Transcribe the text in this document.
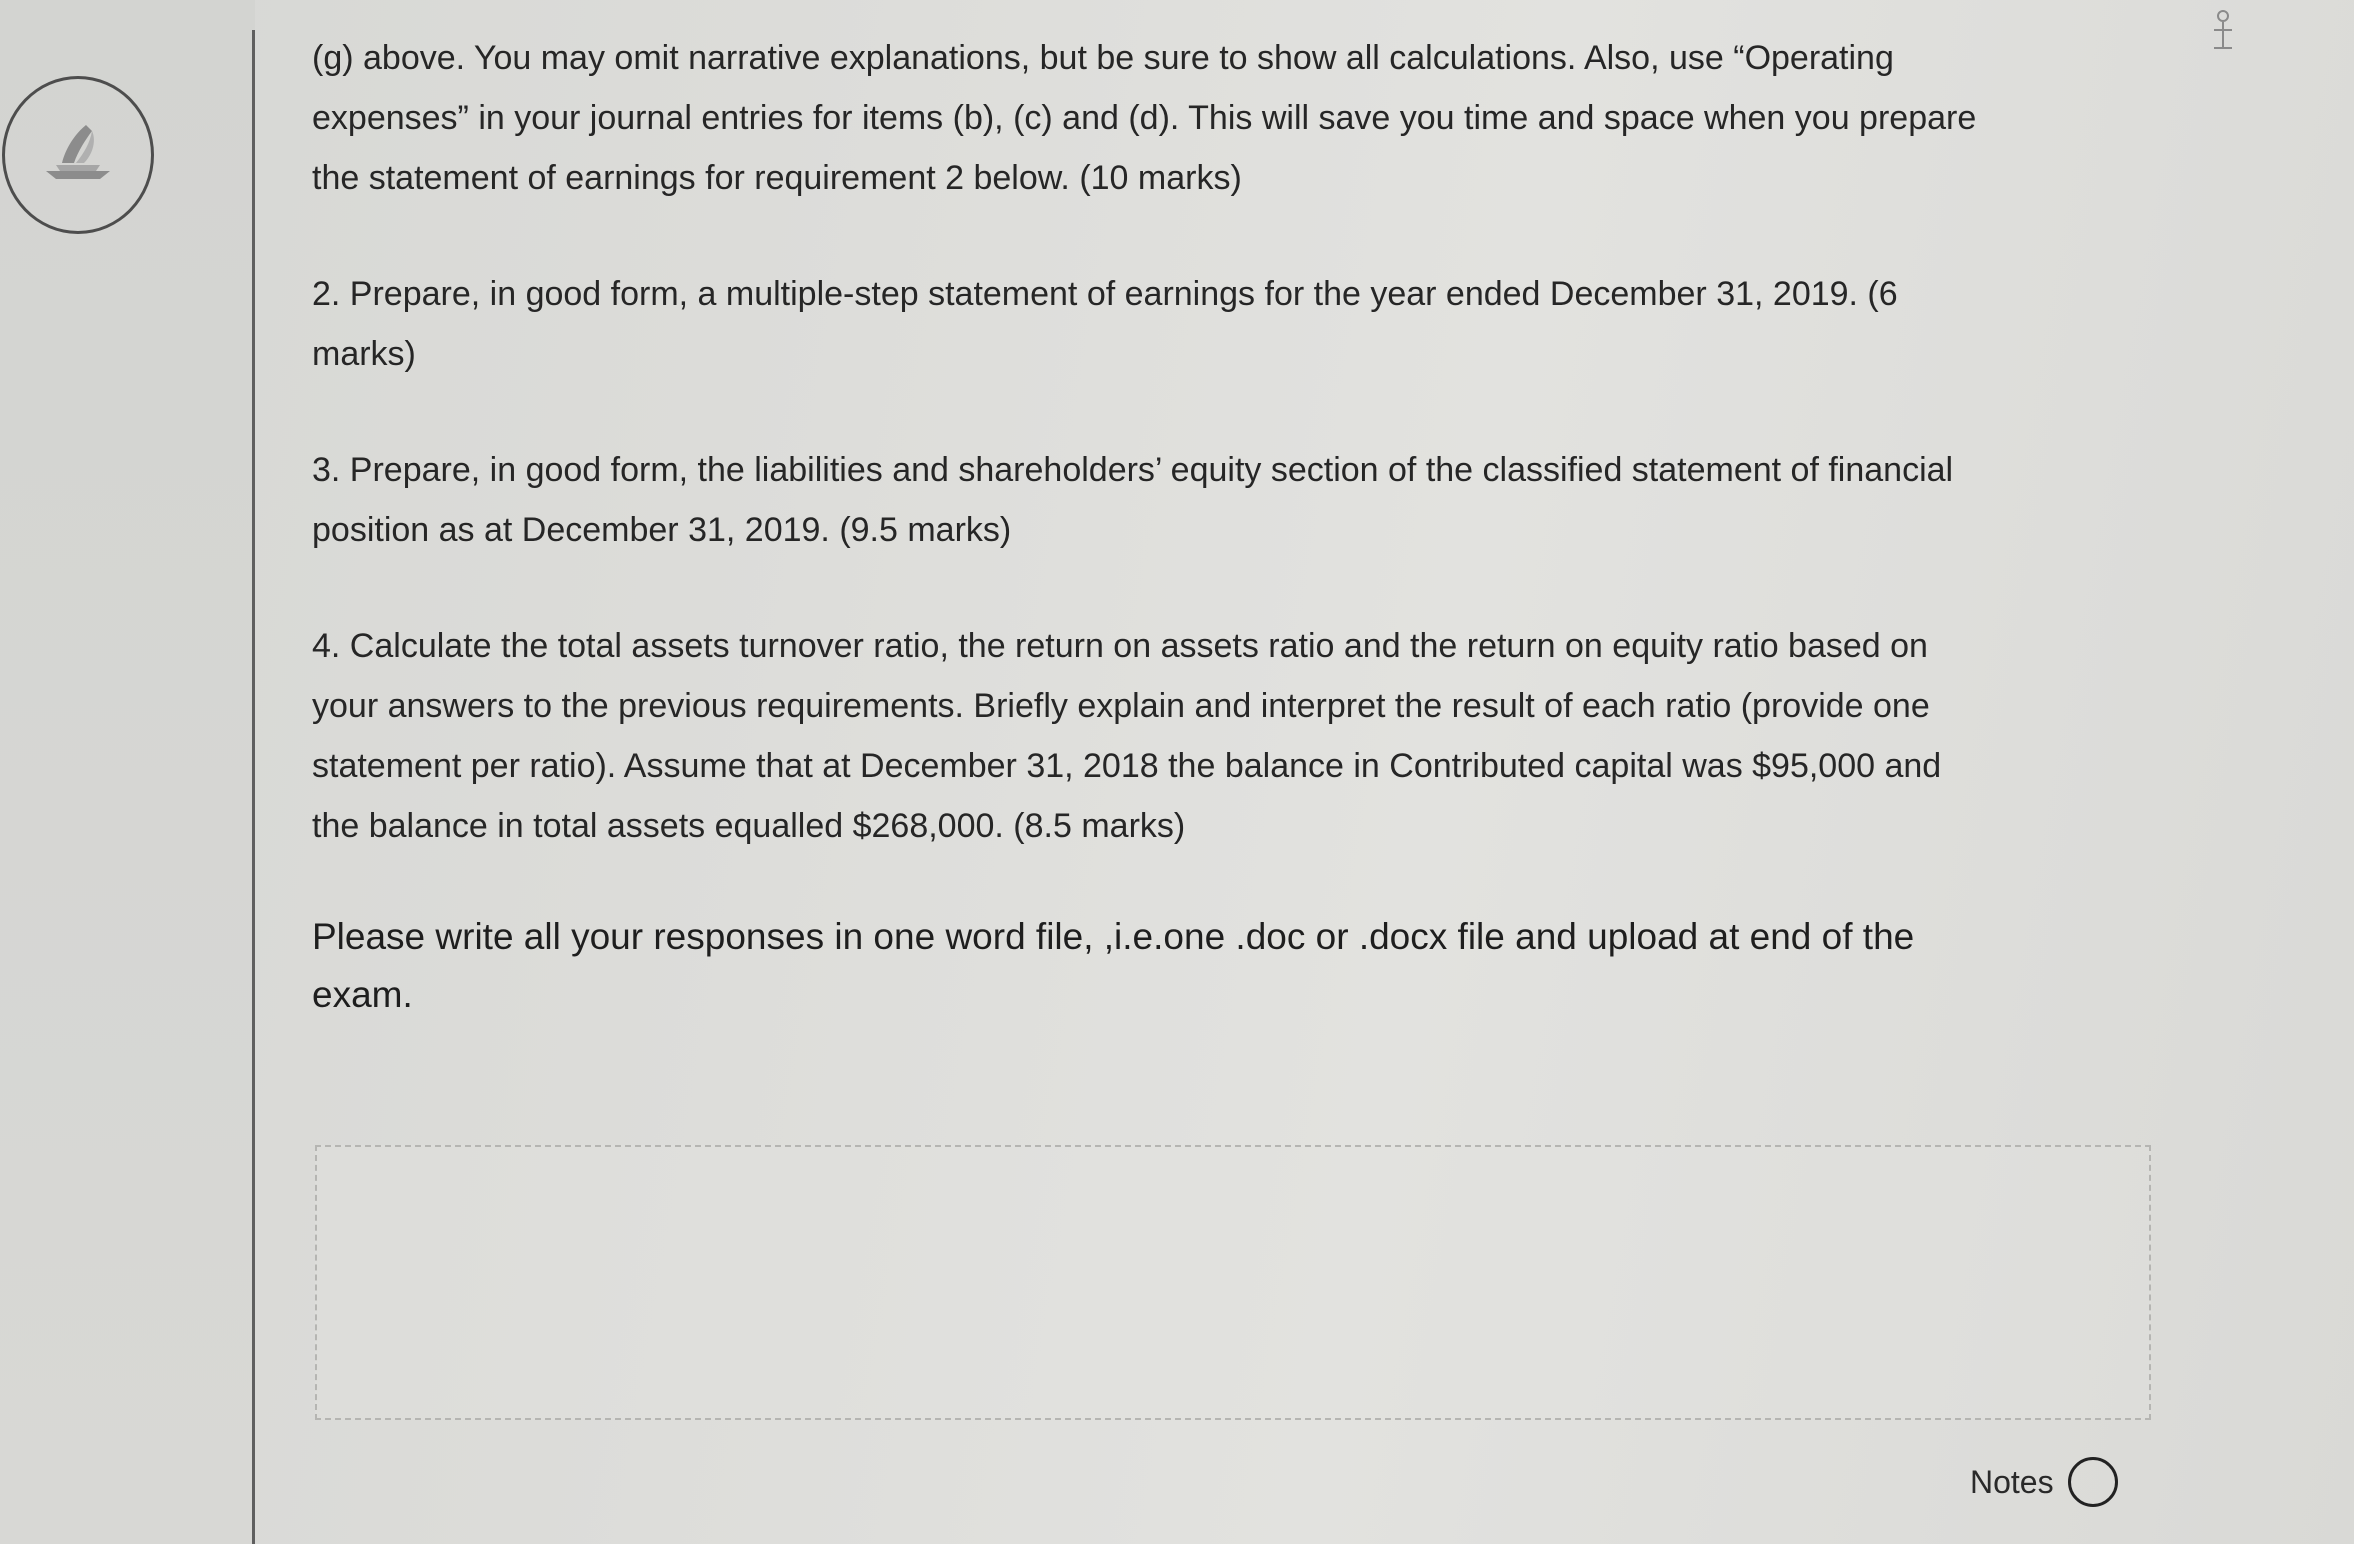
(g) above. You may omit narrative explanations, but be sure to show all calculations. Also, use “Operating expenses” in your journal entries for items (b), (c) and (d). This will save you time and space when you prepare the statement of earnings for requirement 2 below. (10 marks)

2. Prepare, in good form, a multiple-step statement of earnings for the year ended December 31, 2019. (6 marks)

3. Prepare, in good form, the liabilities and shareholders’ equity section of the classified statement of financial position as at December 31, 2019. (9.5 marks)

4. Calculate the total assets turnover ratio, the return on assets ratio and the return on equity ratio based on your answers to the previous requirements. Briefly explain and interpret the result of each ratio (provide one statement per ratio). Assume that at December 31, 2018 the balance in Contributed capital was $95,000 and the balance in total assets equalled $268,000. (8.5 marks)

Please write all your responses in one word file, ,i.e.one .doc or .docx file and upload at end of the exam.

Notes
